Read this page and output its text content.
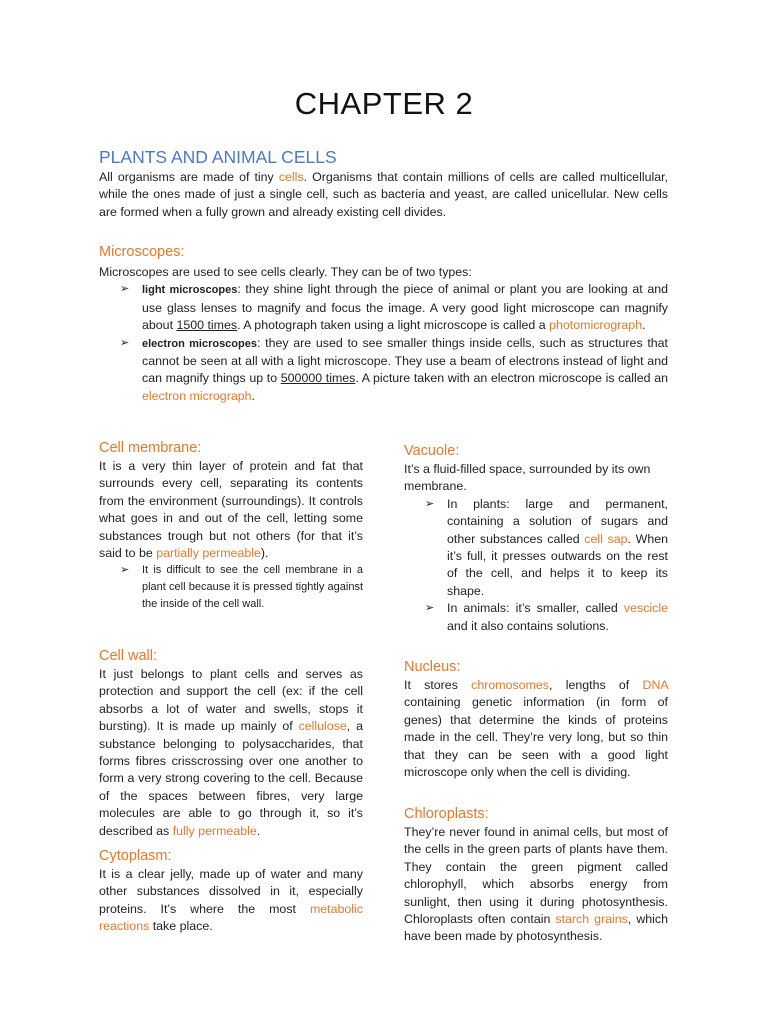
CHAPTER 2
PLANTS AND ANIMAL CELLS
All organisms are made of tiny cells. Organisms that contain millions of cells are called multicellular, while the ones made of just a single cell, such as bacteria and yeast, are called unicellular. New cells are formed when a fully grown and already existing cell divides.
Microscopes:
Microscopes are used to see cells clearly. They can be of two types:
➢ light microscopes: they shine light through the piece of animal or plant you are looking at and use glass lenses to magnify and focus the image. A very good light microscope can magnify about 1500 times. A photograph taken using a light microscope is called a photomicrograph.
➢ electron microscopes: they are used to see smaller things inside cells, such as structures that cannot be seen at all with a light microscope. They use a beam of electrons instead of light and can magnify things up to 500000 times. A picture taken with an electron microscope is called an electron micrograph.
Cell membrane:
It is a very thin layer of protein and fat that surrounds every cell, separating its contents from the environment (surroundings). It controls what goes in and out of the cell, letting some substances trough but not others (for that it’s said to be partially permeable).
➢ It is difficult to see the cell membrane in a plant cell because it is pressed tightly against the inside of the cell wall.
Cell wall:
It just belongs to plant cells and serves as protection and support the cell (ex: if the cell absorbs a lot of water and swells, stops it bursting). It is made up mainly of cellulose, a substance belonging to polysaccharides, that forms fibres crisscrossing over one another to form a very strong covering to the cell. Because of the spaces between fibres, very large molecules are able to go through it, so it’s described as fully permeable.
Cytoplasm:
It is a clear jelly, made up of water and many other substances dissolved in it, especially proteins. It’s where the most metabolic reactions take place.
Vacuole:
It’s a fluid-filled space, surrounded by its own membrane.
➢ In plants: large and permanent, containing a solution of sugars and other substances called cell sap. When it’s full, it presses outwards on the rest of the cell, and helps it to keep its shape.
➢ In animals: it’s smaller, called vescicle and it also contains solutions.
Nucleus:
It stores chromosomes, lengths of DNA containing genetic information (in form of genes) that determine the kinds of proteins made in the cell. They’re very long, but so thin that they can be seen with a good light microscope only when the cell is dividing.
Chloroplasts:
They’re never found in animal cells, but most of the cells in the green parts of plants have them. They contain the green pigment called chlorophyll, which absorbs energy from sunlight, then using it during photosynthesis. Chloroplasts often contain starch grains, which have been made by photosynthesis.
